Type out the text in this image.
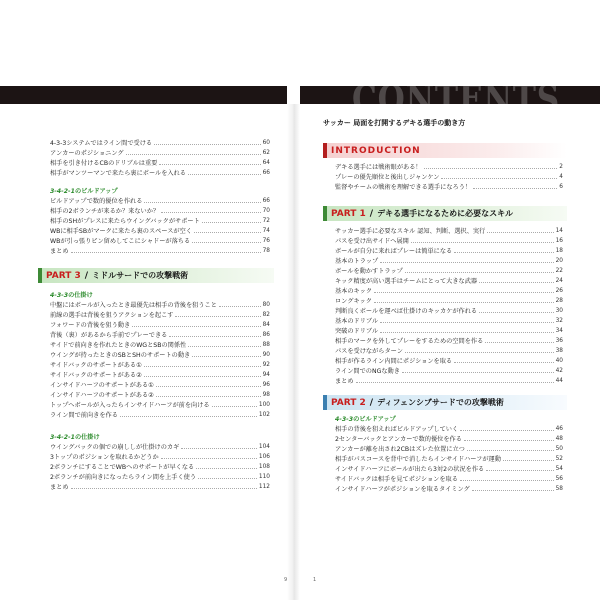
CONTENTS
4-3-3システムではライン間で受ける	60
アンカーのポジショニング	62
相手を引き付けるCBのドリブルは重要	64
相手がマンツーマンで来たら裏にボールを入れる	66
3-4-2-1のビルドアップ
ビルドアップで数的優位を作れる	66
相手の2ボランチが来るか？来ないか？	70
相手のSHがプレスに来たらウイングバックがサポート	72
WBに相手SBがマークに来たら裏のスペースが空く	74
WBが引っ張りピン留めしてこにシャドーが落ちる	76
まとめ	78
PART 3 / ミドルサードでの攻撃戦術
4-3-3の仕掛け
中盤にはボールが入ったとき最優先は相手の背後を狙うこと	80
前線の選手は背後を狙うアクションを起こす	82
フォワードの背後を狙う動き	84
背後（裏）があるから手前でプレーできる	86
サイドで前向きを作れたときのWGとSBの関係性	88
ウイングが持ったときのSBとSHのサポートの動き	90
サイドバックのサポートがある①	92
サイドバックのサポートがある②	94
インサイドハーフのサポートがある①	96
インサイドハーフのサポートがある②	98
トップへボールが入ったらインサイドハーフが前を向ける	100
ライン間で前向きを作る	102
3-4-2-1の仕掛け
ウイングバックの個での崩ししが仕掛けのカギ	104
3トップのポジションを取れるかどうか	106
2ボランチにすることでWBへのサポートが早くなる	108
2ボランチが前向きになったらライン間を上手く使う	110
まとめ	112
9
サッカー 局面を打開するデキる選手の動き方
INTRODUCTION
デキる選手には戦術眼がある！	2
プレーの優先順位と後出しジャンケン	4
監督やチームの戦術を理解できる選手になろう！	6
PART 1 / デキる選手になるために必要なスキル
サッカー選手に必要なスキル 認知、判断、選択、実行	14
パスを受け出サイドへ展開	16
ボールが自分に来ればプレーは簡単になる	18
基本のトラップ	20
ボールを動かすトラップ	22
キック精度が高い選手はチームにとって大きな武器	24
基本のキック	26
ロングキック	28
判断良くボールを運べば仕掛けのキッカケが作れる	30
基本のドリブル	32
突破のドリブル	34
相手のマークを外してプレーをするための空間を作る	36
パスを受けながらターン	38
相手が作るライン内間にポジションを取る	40
ライン間でのNGな動き	42
まとめ	44
PART 2 / ディフェンシブサードでの攻撃戦術
4-3-3のビルドアップ
相手の背後を狙えればビルドアップしていく	46
2センターバックとアンカーで数的優位を作る	48
アンカーが離を出され2CBはズレた位置に立つ	50
相手がパスコースを背中で消したらインサイドハーフが運動	52
インサイドハーフにボールが出たら3対2の状況を作る	54
サイドバックは相手を見てポジションを取る	56
インサイドハーフがポジションを取るタイミング	58
1
